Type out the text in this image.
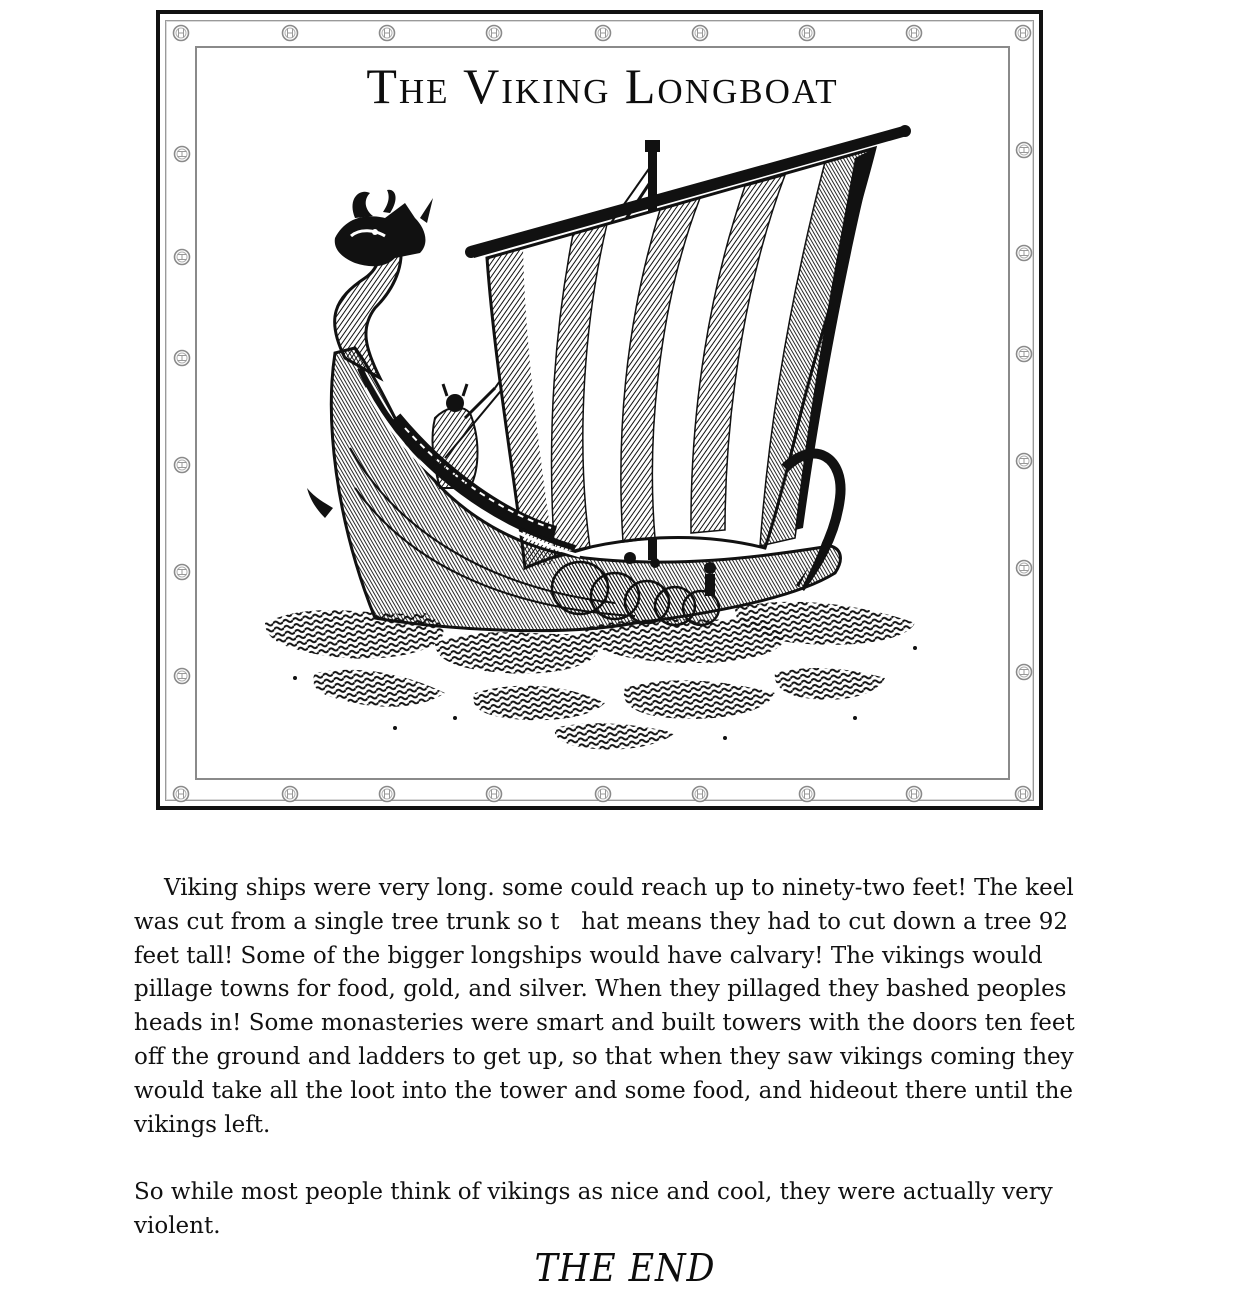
The Viking Longboat
Viking ships were very long. some could reach up to ninety-two feet! The keel
was cut from a single tree trunk so t   hat means they had to cut down a tree 92
feet tall! Some of the bigger longships would have calvary! The vikings would
pillage towns for food, gold, and silver. When they pillaged they bashed peoples
heads in! Some monasteries were smart and built towers with the doors ten feet
off the ground and ladders to get up, so that when they saw vikings coming they
would take all the loot into the tower and some food, and hideout there until the
vikings left.
So while most people think of vikings as nice and cool, they were actually very
violent.
THE END
